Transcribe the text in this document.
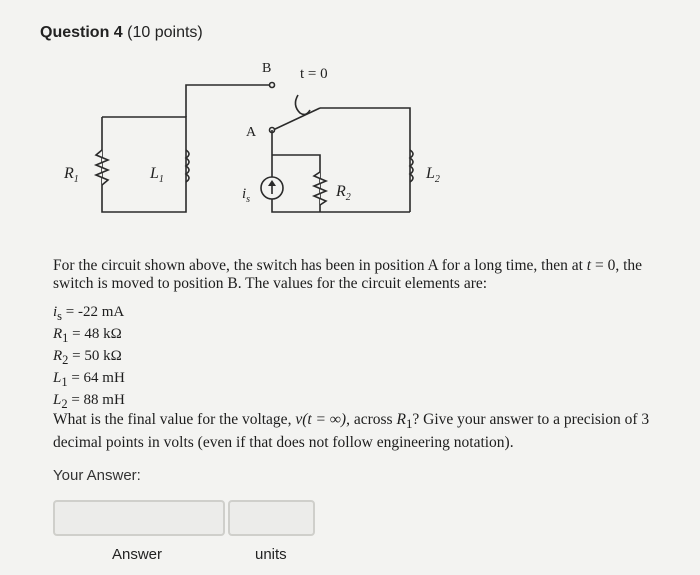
Question 4 (10 points)
B t = 0
A
$R_1$	$L_1$
$i_s$	$R_2$
$L_2$
For the circuit shown above, the switch has been in position A for a long time, then at t = 0, the switch is moved to position B. The values for the circuit elements are:
$i_s = -22$ mA
$R_1 = 48$ kΩ
$R_2 = 50$ kΩ
$L_1 = 64$ mH
$L_2 = 88$ mH
What is the final value for the voltage, v(t = ∞), across $R_1$? Give your answer to a precision of 3 decimal points in volts (even if that does not follow engineering notation).
Your Answer:
Answer	units
